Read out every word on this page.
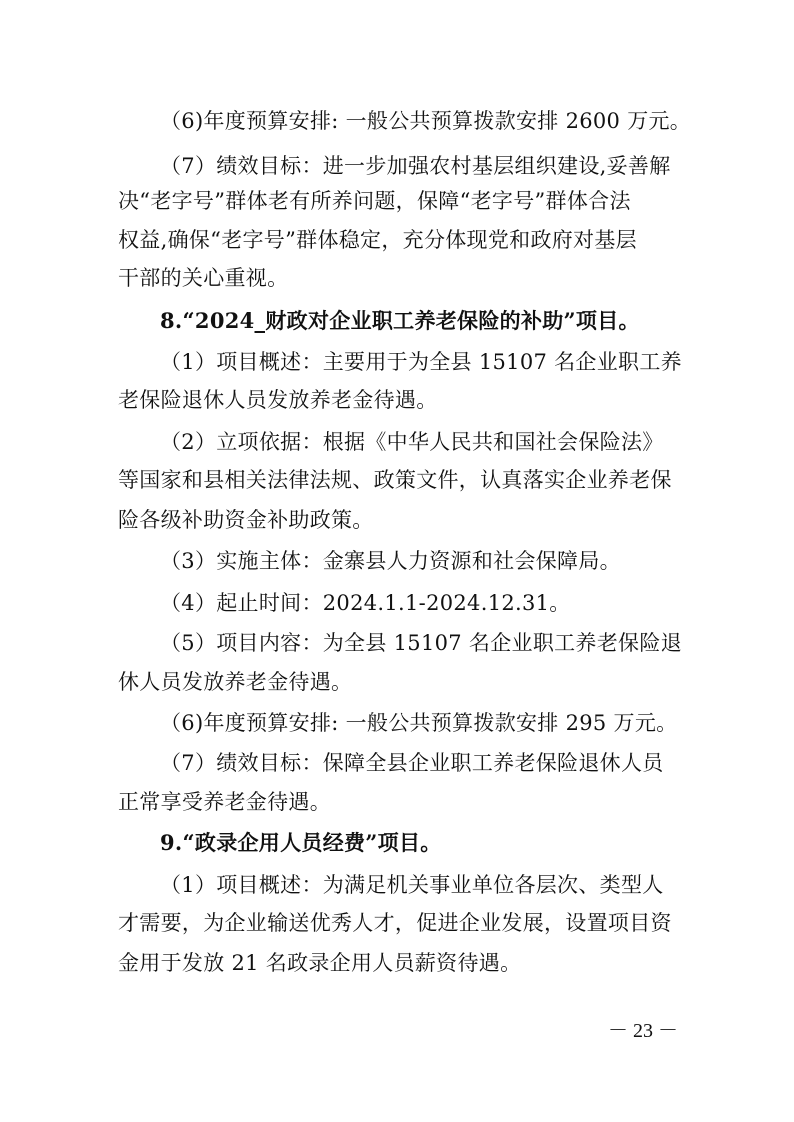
（6)年度预算安排: 一般公共预算拨款安排 2600 万元。
（7）绩效目标：进一步加强农村基层组织建设,妥善解
决“老字号”群体老有所养问题，保障“老字号”群体合法
权益,确保“老字号”群体稳定，充分体现党和政府对基层
干部的关心重视。
8.“2024_财政对企业职工养老保险的补助”项目。
（1）项目概述：主要用于为全县 15107 名企业职工养
老保险退休人员发放养老金待遇。
（2）立项依据：根据《中华人民共和国社会保险法》
等国家和县相关法律法规、政策文件，认真落实企业养老保
险各级补助资金补助政策。
（3）实施主体：金寨县人力资源和社会保障局。
（4）起止时间：2024.1.1-2024.12.31。
（5）项目内容：为全县 15107 名企业职工养老保险退
休人员发放养老金待遇。
（6)年度预算安排: 一般公共预算拨款安排 295 万元。
（7）绩效目标：保障全县企业职工养老保险退休人员
正常享受养老金待遇。
9.“政录企用人员经费”项目。
（1）项目概述：为满足机关事业单位各层次、类型人
才需要，为企业输送优秀人才，促进企业发展，设置项目资
金用于发放 21 名政录企用人员薪资待遇。
－ 23 －
